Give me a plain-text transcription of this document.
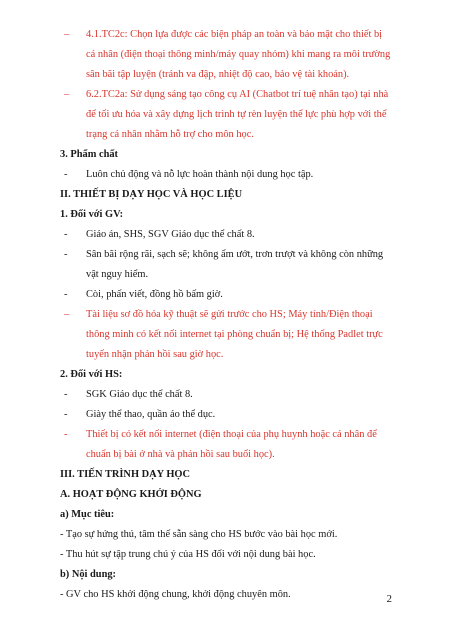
– 4.1.TC2c: Chọn lựa được các biện pháp an toàn và bảo mật cho thiết bị cá nhân (điện thoại thông minh/máy quay nhóm) khi mang ra môi trường sân bãi tập luyện (tránh va đập, nhiệt độ cao, bảo vệ tài khoản).
– 6.2.TC2a: Sử dụng sáng tạo công cụ AI (Chatbot trí tuệ nhân tạo) tại nhà để tối ưu hóa và xây dựng lịch trình tự rèn luyện thể lực phù hợp với thể trạng cá nhân nhằm hỗ trợ cho môn học.
3. Phẩm chất
- Luôn chủ động và nỗ lực hoàn thành nội dung học tập.
II. THIẾT BỊ DẠY HỌC VÀ HỌC LIỆU
1. Đối với GV:
- Giáo án, SHS, SGV Giáo dục thể chất 8.
- Sân bãi rộng rãi, sạch sẽ; không ẩm ướt, trơn trượt và không còn những vật nguy hiểm.
- Còi, phấn viết, đồng hồ bấm giờ.
– Tài liệu sơ đồ hóa kỹ thuật sẽ gửi trước cho HS; Máy tính/Điện thoại thông minh có kết nối internet tại phòng chuẩn bị; Hệ thống Padlet trực tuyến nhận phản hồi sau giờ học.
2. Đối với HS:
- SGK Giáo dục thể chất 8.
- Giày thể thao, quần áo thể dục.
- Thiết bị có kết nối internet (điện thoại của phụ huynh hoặc cá nhân để chuẩn bị bài ở nhà và phản hồi sau buổi học).
III. TIẾN TRÌNH DẠY HỌC
A. HOẠT ĐỘNG KHỞI ĐỘNG
a) Mục tiêu:
- Tạo sự hứng thú, tâm thế sẵn sàng cho HS bước vào bài học mới.
- Thu hút sự tập trung chú ý của HS đối với nội dung bài học.
b) Nội dung:
- GV cho HS khởi động chung, khởi động chuyên môn.	2
